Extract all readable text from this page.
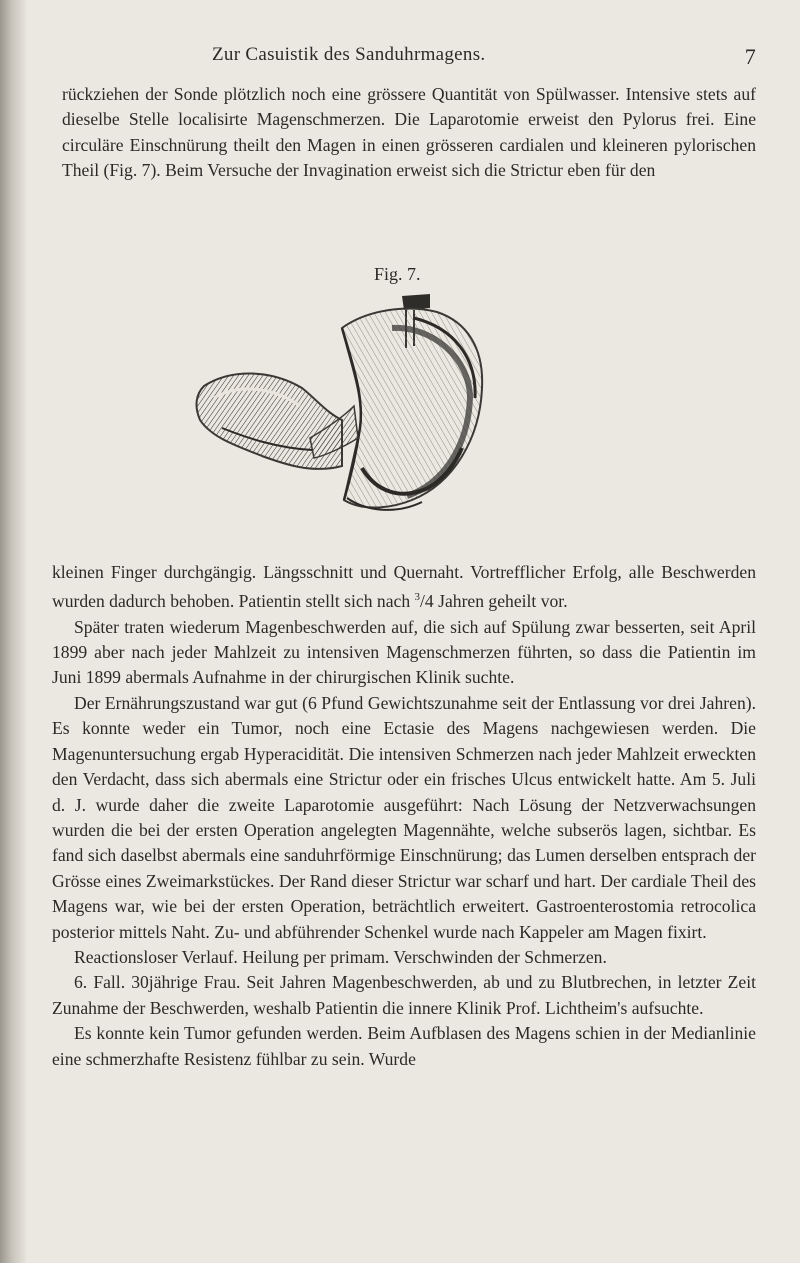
Zur Casuistik des Sanduhrmagens.	7

rückziehen der Sonde plötzlich noch eine grössere Quantität von Spülwasser. Intensive stets auf dieselbe Stelle localisirte Magenschmerzen. Die Laparotomie erweist den Pylorus frei. Eine circuläre Einschnürung theilt den Magen in einen grösseren cardialen und kleineren pylorischen Theil (Fig. 7). Beim Versuche der Invagination erweist sich die Strictur eben für den

Fig. 7.

kleinen Finger durchgängig. Längsschnitt und Quernaht. Vortrefflicher Erfolg, alle Beschwerden wurden dadurch behoben. Patientin stellt sich nach $^3$/4 Jahren geheilt vor.

Später traten wiederum Magenbeschwerden auf, die sich auf Spülung zwar besserten, seit April 1899 aber nach jeder Mahlzeit zu intensiven Magenschmerzen führten, so dass die Patientin im Juni 1899 abermals Aufnahme in der chirurgischen Klinik suchte.

Der Ernährungszustand war gut (6 Pfund Gewichtszunahme seit der Entlassung vor drei Jahren). Es konnte weder ein Tumor, noch eine Ectasie des Magens nachgewiesen werden. Die Magenuntersuchung ergab Hyperacidität. Die intensiven Schmerzen nach jeder Mahlzeit erweckten den Verdacht, dass sich abermals eine Strictur oder ein frisches Ulcus entwickelt hatte. Am 5. Juli d. J. wurde daher die zweite Laparotomie ausgeführt: Nach Lösung der Netzverwachsungen wurden die bei der ersten Operation angelegten Magennähte, welche subserös lagen, sichtbar. Es fand sich daselbst abermals eine sanduhrförmige Einschnürung; das Lumen derselben entsprach der Grösse eines Zweimarkstückes. Der Rand dieser Strictur war scharf und hart. Der cardiale Theil des Magens war, wie bei der ersten Operation, beträchtlich erweitert. Gastroenterostomia retrocolica posterior mittels Naht. Zu- und abführender Schenkel wurde nach Kappeler am Magen fixirt.

Reactionsloser Verlauf. Heilung per primam. Verschwinden der Schmerzen.

6. Fall. 30jährige Frau. Seit Jahren Magenbeschwerden, ab und zu Blutbrechen, in letzter Zeit Zunahme der Beschwerden, weshalb Patientin die innere Klinik Prof. Lichtheim's aufsuchte.

Es konnte kein Tumor gefunden werden. Beim Aufblasen des Magens schien in der Medianlinie eine schmerzhafte Resistenz fühlbar zu sein. Wurde
